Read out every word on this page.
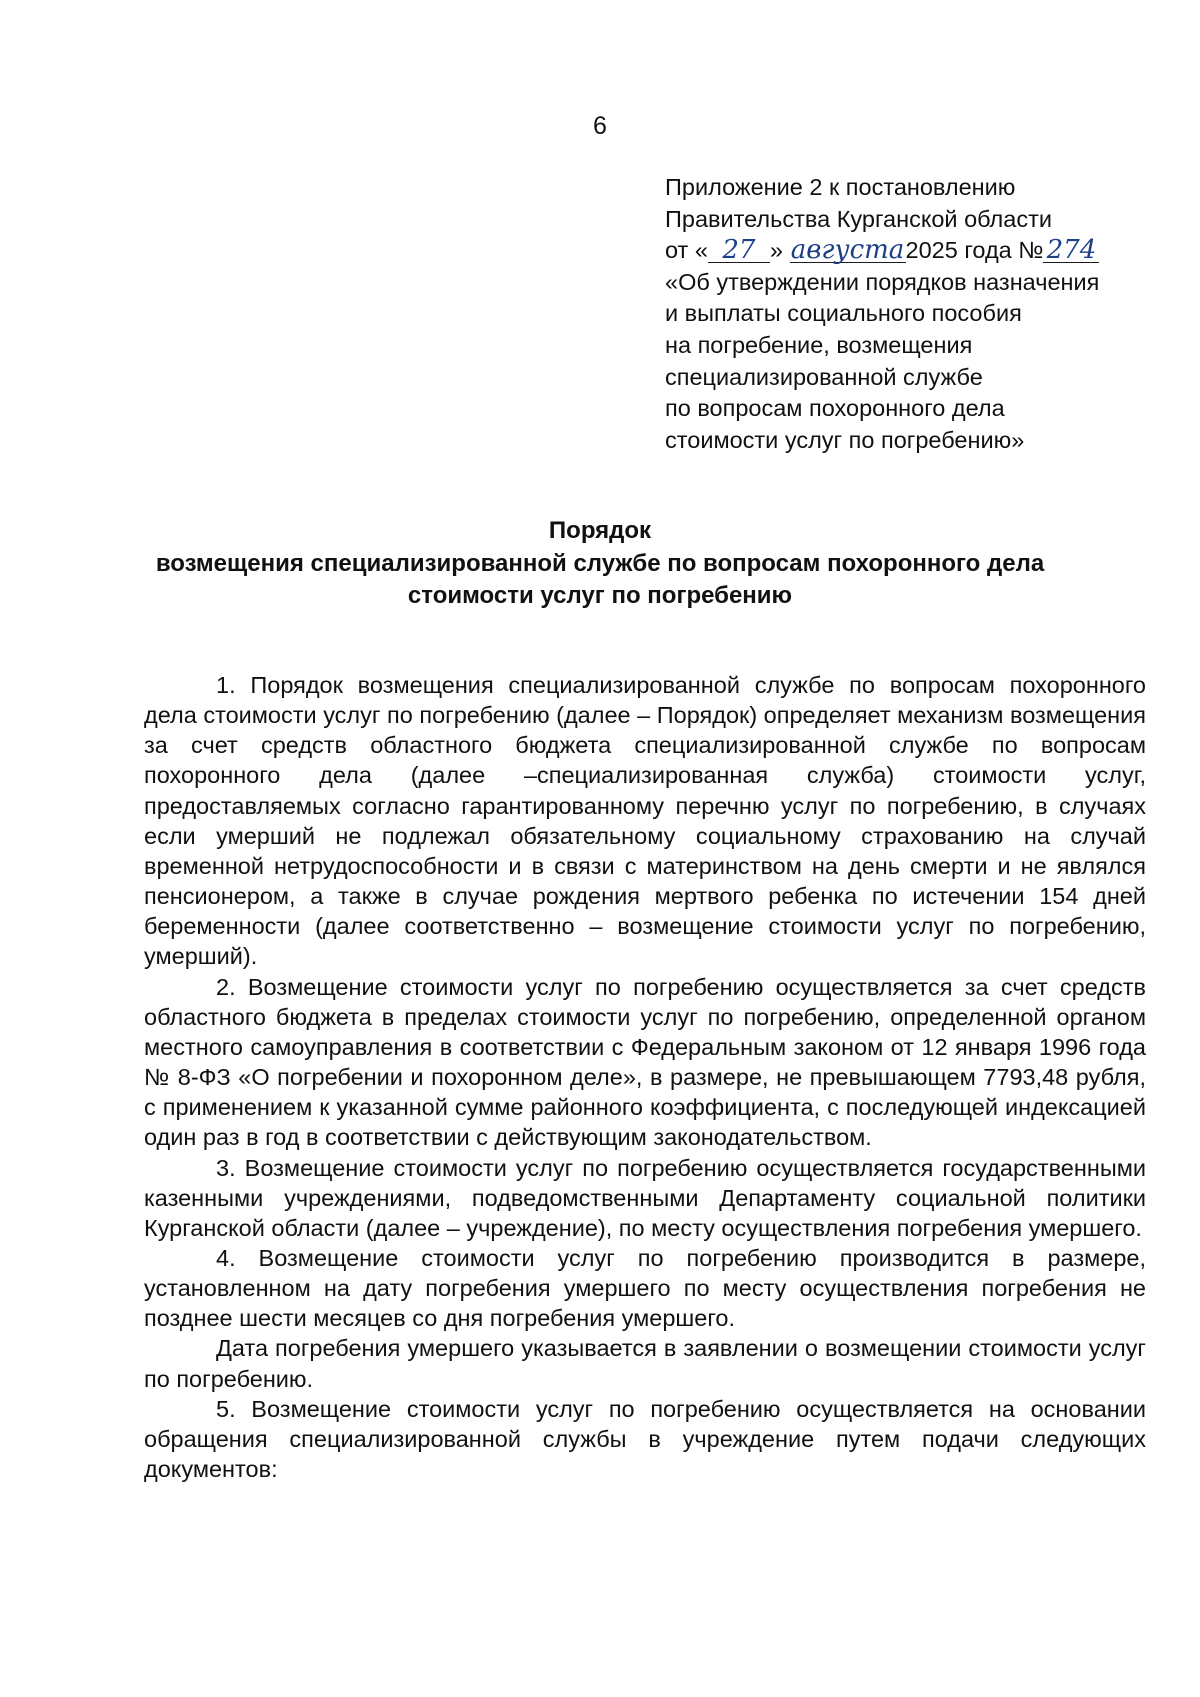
6
Приложение 2 к постановлению
Правительства Курганской области
от « 27 » августа2025 года № 274
«Об утверждении порядков назначения
и выплаты социального пособия
на погребение, возмещения
специализированной службе
по вопросам похоронного дела
стоимости услуг по погребению»
Порядок
возмещения специализированной службе по вопросам похоронного дела
стоимости услуг по погребению

1. Порядок возмещения специализированной службе по вопросам похоронного дела стоимости услуг по погребению (далее – Порядок) определяет механизм возмещения за счет средств областного бюджета специализированной службе по вопросам похоронного дела (далее –специализированная служба) стоимости услуг, предоставляемых согласно гарантированному перечню услуг по погребению, в случаях если умерший не подлежал обязательному социальному страхованию на случай временной нетрудоспособности и в связи с материнством на день смерти и не являлся пенсионером, а также в случае рождения мертвого ребенка по истечении 154 дней беременности (далее соответственно – возмещение стоимости услуг по погребению, умерший).

2. Возмещение стоимости услуг по погребению осуществляется за счет средств областного бюджета в пределах стоимости услуг по погребению, определенной органом местного самоуправления в соответствии с Федеральным законом от 12 января 1996 года № 8-ФЗ «О погребении и похоронном деле», в размере, не превышающем 7793,48 рубля, с применением к указанной сумме районного коэффициента, с последующей индексацией один раз в год в соответствии с действующим законодательством.

3. Возмещение стоимости услуг по погребению осуществляется государственными казенными учреждениями, подведомственными Департаменту социальной политики Курганской области (далее – учреждение), по месту осуществления погребения умершего.

4. Возмещение стоимости услуг по погребению производится в размере, установленном на дату погребения умершего по месту осуществления погребения не позднее шести месяцев со дня погребения умершего.

Дата погребения умершего указывается в заявлении о возмещении стоимости услуг по погребению.

5. Возмещение стоимости услуг по погребению осуществляется на основании обращения специализированной службы в учреждение путем подачи следующих документов:
